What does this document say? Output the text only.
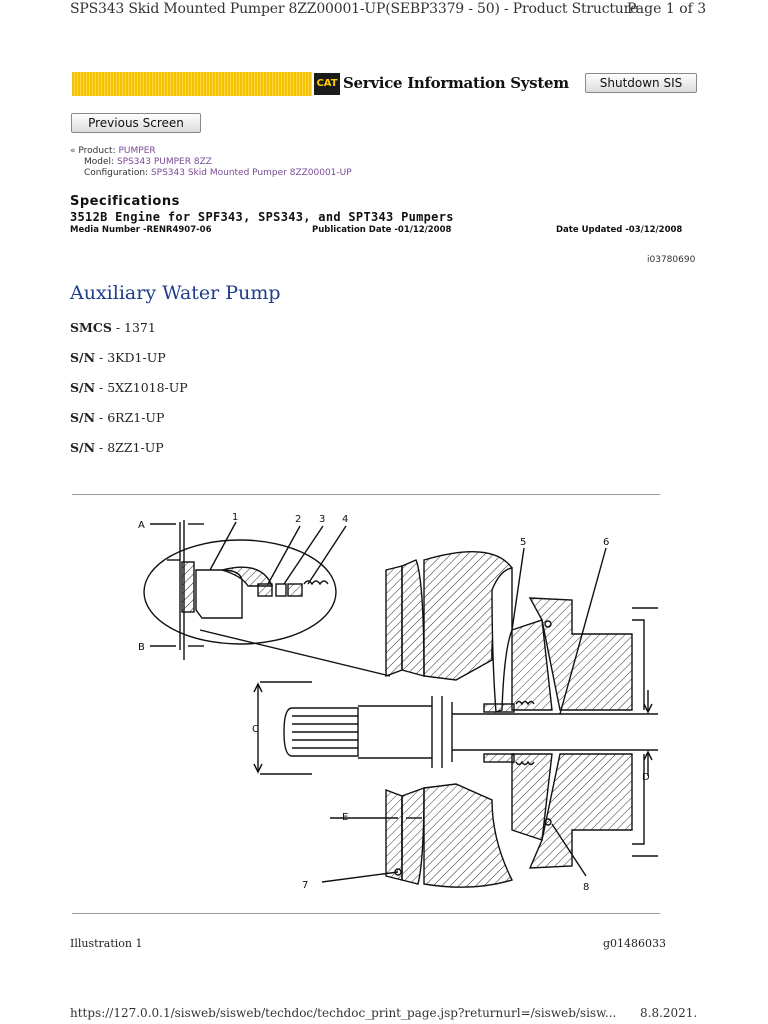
SPS343 Skid Mounted Pumper 8ZZ00001-UP(SEBP3379 - 50) - Product Structure
Page 1 of 3
CAT Service Information System	Shutdown SIS
Previous Screen
« Product: PUMPER
Model: SPS343 PUMPER 8ZZ
Configuration: SPS343 Skid Mounted Pumper 8ZZ00001-UP
Specifications
3512B Engine for SPF343, SPS343, and SPT343 Pumpers
Media Number -RENR4907-06	Publication Date -01/12/2008	Date Updated -03/12/2008
i03780690
Auxiliary Water Pump
SMCS - 1371
S/N - 3KD1-UP
S/N - 5XZ1018-UP
S/N - 6RZ1-UP
S/N - 8ZZ1-UP
A
B
C
D
E
1	2 3 4
5	6
7	8
Illustration 1	g01486033
https://127.0.0.1/sisweb/sisweb/techdoc/techdoc_print_page.jsp?returnurl=/sisweb/sisw... 8.8.2021.
